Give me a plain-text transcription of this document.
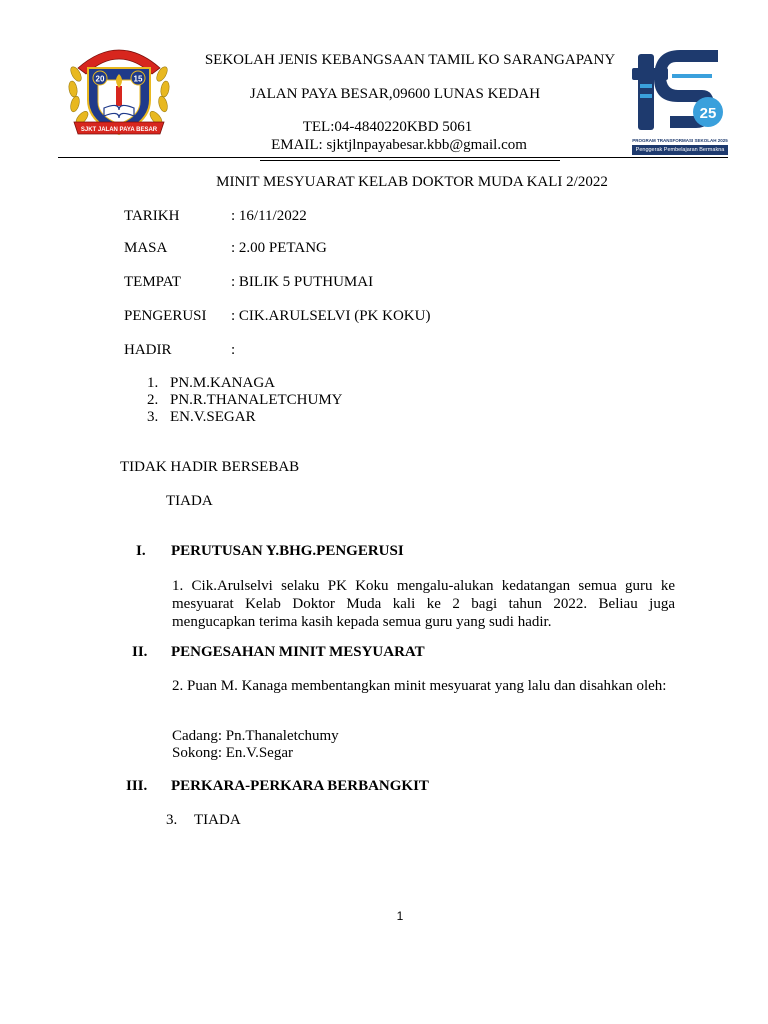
20	15
SJKT JALAN PAYA BESAR
SEKOLAH JENIS KEBANGSAAN TAMIL KO SARANGAPANY
JALAN PAYA BESAR,09600 LUNAS KEDAH
TEL:04-4840220KBD 5061
EMAIL: sjktjlnpayabesar.kbb@gmail.com
25
PROGRAM TRANSFORMASI SEKOLAH 2025
Penggerak Pembelajaran Bermakna
MINIT MESYUARAT KELAB DOKTOR MUDA KALI 2/2022
TARIKH	: 16/11/2022
MASA	: 2.00 PETANG
TEMPAT	: BILIK 5 PUTHUMAI
PENGERUSI : CIK.ARULSELVI (PK KOKU)
HADIR	:
1. PN.M.KANAGA
2. PN.R.THANALETCHUMY
3. EN.V.SEGAR
TIDAK HADIR BERSEBAB
TIADA
I. PERUTUSAN Y.BHG.PENGERUSI
1. Cik.Arulselvi selaku PK Koku mengalu-alukan kedatangan semua guru ke mesyuarat Kelab Doktor Muda kali ke 2 bagi tahun 2022. Beliau juga mengucapkan terima kasih kepada semua guru yang sudi hadir.
II. PENGESAHAN MINIT MESYUARAT
2. Puan M. Kanaga membentangkan minit mesyuarat yang lalu dan disahkan oleh:
Cadang: Pn.Thanaletchumy
Sokong: En.V.Segar
III. PERKARA-PERKARA BERBANGKIT
3. TIADA
1
